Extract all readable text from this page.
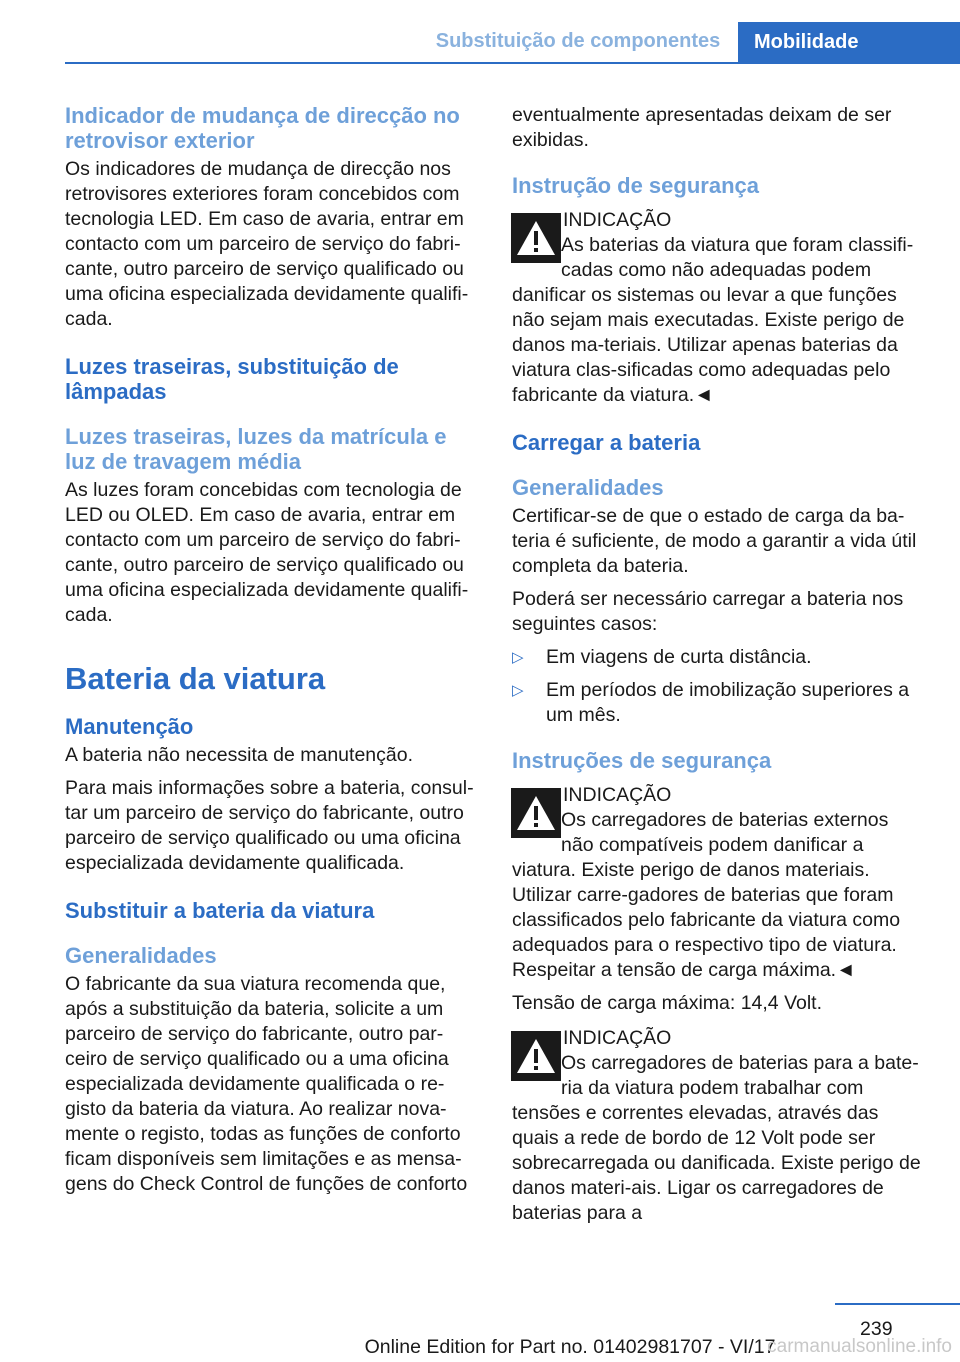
Substituição de componentes	Mobilidade
Indicador de mudança de direcção no retrovisor exterior

Os indicadores de mudança de direcção nos retrovisores exteriores foram concebidos com tecnologia LED. Em caso de avaria, entrar em contacto com um parceiro de serviço do fabri‐cante, outro parceiro de serviço qualificado ou uma oficina especializada devidamente qualifi‐cada.

Luzes traseiras, substituição de lâmpadas
Luzes traseiras, luzes da matrícula e luz de travagem média

As luzes foram concebidas com tecnologia de LED ou OLED. Em caso de avaria, entrar em contacto com um parceiro de serviço do fabri‐cante, outro parceiro de serviço qualificado ou uma oficina especializada devidamente qualifi‐cada.

Bateria da viatura
Manutenção

A bateria não necessita de manutenção.

Para mais informações sobre a bateria, consul‐tar um parceiro de serviço do fabricante, outro parceiro de serviço qualificado ou uma oficina especializada devidamente qualificada.

Substituir a bateria da viatura
Generalidades

O fabricante da sua viatura recomenda que, após a substituição da bateria, solicite a um parceiro de serviço do fabricante, outro par‐ceiro de serviço qualificado ou a uma oficina especializada devidamente qualificada o re‐gisto da bateria da viatura. Ao realizar nova‐mente o registo, todas as funções de conforto ficam disponíveis sem limitações e as mensa‐gens do Check Control de funções de conforto

eventualmente apresentadas deixam de ser exibidas.

Instrução de segurança
INDICAÇÃO

As baterias da viatura que foram classifi‐cadas como não adequadas podem danificar os sistemas ou levar a que funções não sejam mais executadas. Existe perigo de danos ma‐teriais. Utilizar apenas baterias da viatura clas‐sificadas como adequadas pelo fabricante da viatura.◄

Carregar a bateria
Generalidades

Certificar-se de que o estado de carga da ba‐teria é suficiente, de modo a garantir a vida útil completa da bateria.

Poderá ser necessário carregar a bateria nos seguintes casos:

▷ Em viagens de curta distância.
▷ Em períodos de imobilização superiores a um mês.
Instruções de segurança
INDICAÇÃO

Os carregadores de baterias externos não compatíveis podem danificar a viatura. Existe perigo de danos materiais. Utilizar carre‐gadores de baterias que foram classificados pelo fabricante da viatura como adequados para o respectivo tipo de viatura. Respeitar a tensão de carga máxima.◄

Tensão de carga máxima: 14,4 Volt.

INDICAÇÃO

Os carregadores de baterias para a bate‐ria da viatura podem trabalhar com tensões e correntes elevadas, através das quais a rede de bordo de 12 Volt pode ser sobrecarregada ou danificada. Existe perigo de danos materi‐ais. Ligar os carregadores de baterias para a

239
Online Edition for Part no. 01402981707 - VI/17
carmanualsonline.info
